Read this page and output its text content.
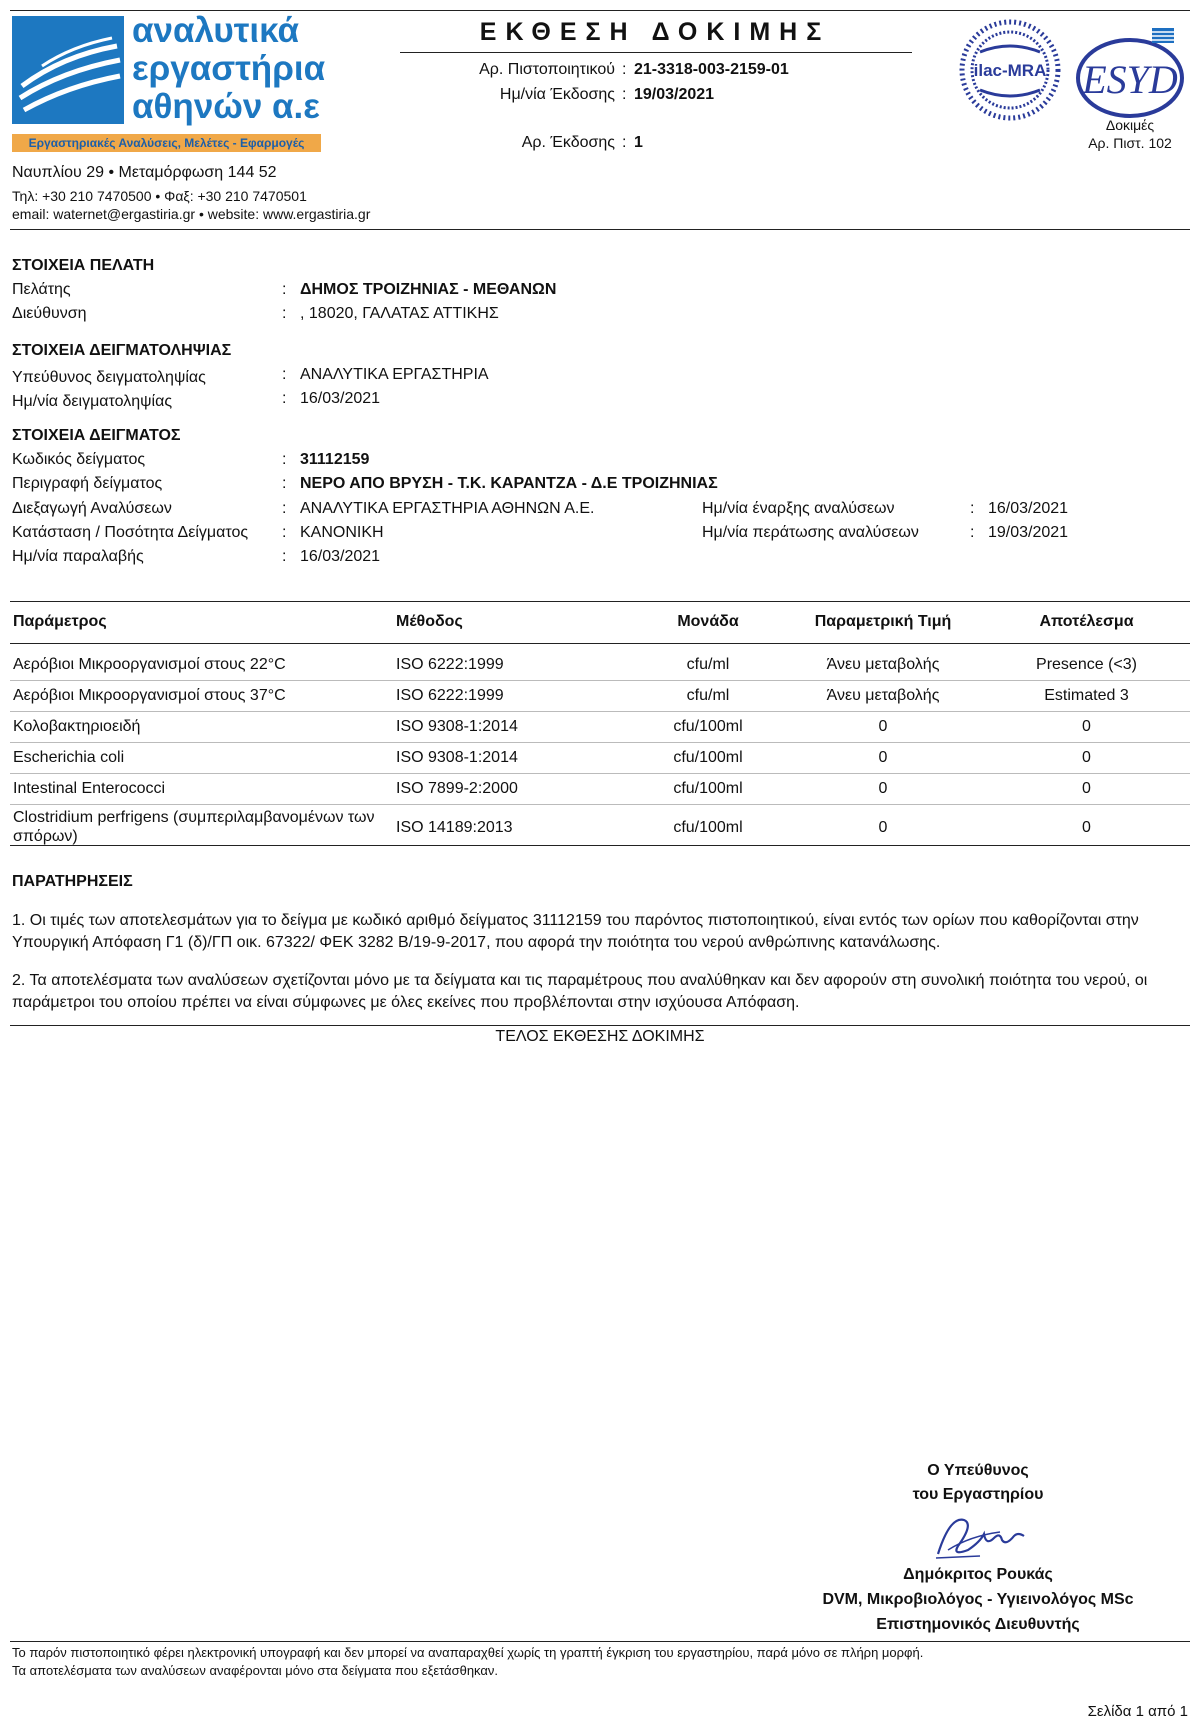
αναλυτικά
εργαστήρια
αθηνών α.ε
Εργαστηριακές Αναλύσεις, Μελέτες - Εφαρμογές
Ναυπλίου 29 • Μεταμόρφωση 144 52
Τηλ: +30 210 7470500 • Φαξ: +30 210 7470501
email: waternet@ergastiria.gr • website: www.ergastiria.gr
ΕΚΘΕΣΗ ΔΟΚΙΜΗΣ
Αρ. Πιστοποιητικού : 21-3318-003-2159-01
Ημ/νία Έκδοσης : 19/03/2021
Αρ. Έκδοσης : 1
ilac-MRA ESYD
Δοκιμές
Αρ. Πιστ. 102
ΣΤΟΙΧΕΙΑ ΠΕΛΑΤΗ
Πελάτης	: ΔΗΜΟΣ ΤΡΟΙΖΗΝΙΑΣ - ΜΕΘΑΝΩΝ
Διεύθυνση	: , 18020, ΓΑΛΑΤΑΣ ΑΤΤΙΚΗΣ
ΣΤΟΙΧΕΙΑ ΔΕΙΓΜΑΤΟΛΗΨΙΑΣ
Υπεύθυνος δειγματοληψίας	: ΑΝΑΛΥΤΙΚΑ ΕΡΓΑΣΤΗΡΙΑ
Ημ/νία δειγματοληψίας	: 16/03/2021
ΣΤΟΙΧΕΙΑ ΔΕΙΓΜΑΤΟΣ
Κωδικός δείγματος	: 31112159
Περιγραφή δείγματος	: ΝΕΡΟ ΑΠΟ ΒΡΥΣΗ - Τ.Κ. ΚΑΡΑΝΤΖΑ - Δ.Ε ΤΡΟΙΖΗΝΙΑΣ
Διεξαγωγή Αναλύσεων	: ΑΝΑΛΥΤΙΚΑ ΕΡΓΑΣΤΗΡΙΑ ΑΘΗΝΩΝ Α.Ε.	Ημ/νία έναρξης αναλύσεων	: 16/03/2021
Κατάσταση / Ποσότητα Δείγματος : ΚΑΝΟΝΙΚΗ	Ημ/νία περάτωσης αναλύσεων	: 19/03/2021
Ημ/νία παραλαβής	: 16/03/2021
Παράμετρος	Μέθοδος	Μονάδα	Παραμετρική Τιμή	Αποτέλεσμα

Αερόβιοι Μικροοργανισμοί στους 22°C	ISO 6222:1999	cfu/ml	Άνευ μεταβολής	Presence (<3)
Αερόβιοι Μικροοργανισμοί στους 37°C	ISO 6222:1999	cfu/ml	Άνευ μεταβολής	Estimated 3
Κολοβακτηριοειδή	ISO 9308-1:2014	cfu/100ml	0	0
Escherichia coli	ISO 9308-1:2014	cfu/100ml	0	0
Intestinal Enterococci	ISO 7899-2:2000	cfu/100ml	0	0
Clostridium perfrigens (συμπεριλαμβανομένων των σπόρων)	ISO 14189:2013	cfu/100ml	0	0
ΠΑΡΑΤΗΡΗΣΕΙΣ
1. Οι τιμές των αποτελεσμάτων για το δείγμα με κωδικό αριθμό δείγματος 31112159 του παρόντος πιστοποιητικού, είναι εντός των ορίων που καθορίζονται στην Υπουργική Απόφαση Γ1 (δ)/ΓΠ οικ. 67322/ ΦΕΚ 3282 Β/19-9-2017, που αφορά την ποιότητα του νερού ανθρώπινης κατανάλωσης.
2. Τα αποτελέσματα των αναλύσεων σχετίζονται μόνο με τα δείγματα και τις παραμέτρους που αναλύθηκαν και δεν αφορούν στη συνολική ποιότητα του νερού, οι παράμετροι του οποίου πρέπει να είναι σύμφωνες με όλες εκείνες που προβλέπονται στην ισχύουσα Απόφαση.
ΤΕΛΟΣ ΕΚΘΕΣΗΣ ΔΟΚΙΜΗΣ
Ο Υπεύθυνος
του Εργαστηρίου
Δημόκριτος Ρουκάς
DVM, Μικροβιολόγος - Υγιεινολόγος MSc
Επιστημονικός Διευθυντής
Το παρόν πιστοποιητικό φέρει ηλεκτρονική υπογραφή και δεν μπορεί να αναπαραχθεί χωρίς τη γραπτή έγκριση του εργαστηρίου, παρά μόνο σε πλήρη μορφή.
Τα αποτελέσματα των αναλύσεων αναφέρονται μόνο στα δείγματα που εξετάσθηκαν.
Σελίδα 1 από 1
